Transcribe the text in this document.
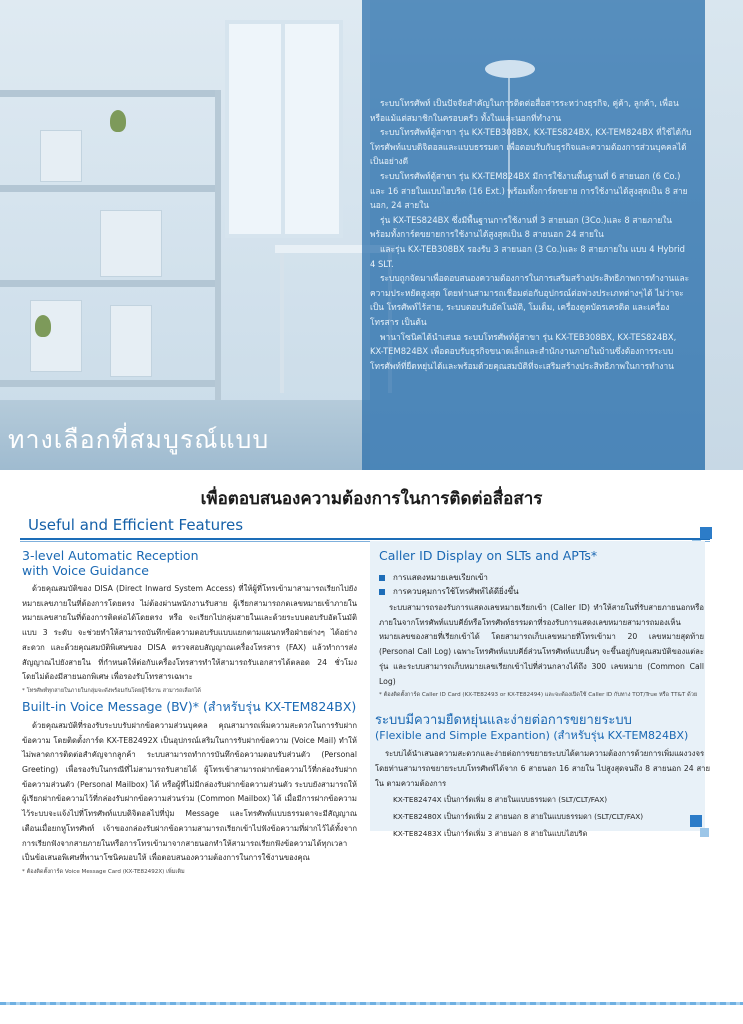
ระบบโทรศัพท์ เป็นปัจจัยสำคัญในการติดต่อสื่อสารระหว่างธุรกิจ, คู่ค้า, ลูกค้า, เพื่อนหรือแม้แต่สมาชิกในครอบครัว ทั้งในและนอกที่ทำงาน

ระบบโทรศัพท์ตู้สาขา รุ่น KX-TEB308BX, KX-TES824BX, KX-TEM824BX ที่ใช้ได้กับโทรศัพท์แบบดิจิตอลและแบบธรรมดา เพื่อตอบรับกับธุรกิจและความต้องการส่วนบุคคลได้เป็นอย่างดี

ระบบโทรศัพท์ตู้สาขา รุ่น KX-TEM824BX มีการใช้งานพื้นฐานที่ 6 สายนอก (6 Co.) และ 16 สายในแบบไฮบริด (16 Ext.) พร้อมทั้งการ์ดขยาย การใช้งานได้สูงสุดเป็น 8 สายนอก, 24 สายใน

รุ่น KX-TES824BX ซึ่งมีพื้นฐานการใช้งานที่ 3 สายนอก (3Co.)และ 8 สายภายใน พร้อมทั้งการ์ดขยายการใช้งานได้สูงสุดเป็น 8 สายนอก 24 สายใน

และรุ่น KX-TEB308BX รองรับ 3 สายนอก (3 Co.)และ 8 สายภายใน แบบ 4 Hybrid 4 SLT.

ระบบถูกจัดมาเพื่อตอบสนองความต้องการในการเสริมสร้างประสิทธิภาพการทำงานและความประหยัดสูงสุด โดยท่านสามารถเชื่อมต่อกับอุปกรณ์ต่อพ่วงประเภทต่างๆได้ ไม่ว่าจะเป็น โทรศัพท์ไร้สาย, ระบบตอบรับอัตโนมัติ, โมเด็ม, เครื่องดูดบัตรเครดิต และเครื่องโทรสาร เป็นต้น

พานาโซนิคได้นำเสนอ ระบบโทรศัพท์ตู้สาขา รุ่น KX-TEB308BX, KX-TES824BX, KX-TEM824BX เพื่อตอบรับธุรกิจขนาดเล็กและสำนักงานภายในบ้านซึ่งต้องการระบบโทรศัพท์ที่ยืดหยุ่นได้และพร้อมด้วยคุณสมบัติที่จะเสริมสร้างประสิทธิภาพในการทำงาน

ทางเลือกที่สมบูรณ์แบบ
เพื่อตอบสนองความต้องการในการติดต่อสื่อสาร
Useful and Efficient Features

3-level Automatic Reception

with Voice Guidance

ด้วยคุณสมบัติของ DISA (Direct Inward System Access) ที่ให้ผู้ที่โทรเข้ามาสามารถเรียกไปยังหมายเลขภายในที่ต้องการโดยตรง ไม่ต้องผ่านพนักงานรับสาย ผู้เรียกสามารถกดเลขหมายเข้าภายในหมายเลขสายในที่ต้องการติดต่อได้โดยตรง หรือ จะเรียกไปกลุ่มสายในและด้วยระบบตอบรับอัตโนมัติแบบ 3 ระดับ จะช่วยทำให้สามารถบันทึกข้อความตอบรับแบบแยกตามแผนกหรือฝ่ายต่างๆ ได้อย่างสะดวก และด้วยคุณสมบัติพิเศษของ DISA ตรวจสอบสัญญาณเครื่องโทรสาร (FAX) แล้วทำการส่งสัญญาณไปยังสายใน ที่กำหนดให้ต่อกับเครื่องโทรสารทำให้สามารถรับเอกสารได้ตลอด 24 ชั่วโมง โดยไม่ต้องมีสายนอกพิเศษ เพื่อรองรับโทรสารเฉพาะ

* โทรศัพท์ทุกสายในภายในกลุ่มจะดังพร้อมกันโดยผู้ใช้งาน สามารถเลือกได้

Built-in Voice Message (BV)* (สำหรับรุ่น KX-TEM824BX)

ด้วยคุณสมบัติที่รองรับระบบรับฝากข้อความส่วนบุคคล คุณสามารถเพิ่มความสะดวกในการรับฝากข้อความ โดยติดตั้งการ์ด KX-TE82492X เป็นอุปกรณ์เสริมในการรับฝากข้อความ (Voice Mail) ทำให้ไม่พลาดการติดต่อสำคัญจากลูกค้า ระบบสามารถทำการบันทึกข้อความตอบรับส่วนตัว (Personal Greeting) เพื่อรองรับในกรณีที่ไม่สามารถรับสายได้ ผู้โทรเข้าสามารถฝากข้อความไว้ที่กล่องรับฝากข้อความส่วนตัว (Personal Mailbox) ได้ หรือผู้ที่ไม่มีกล่องรับฝากข้อความส่วนตัว ระบบยังสามารถให้ผู้เรียกฝากข้อความไว้ที่กล่องรับฝากข้อความส่วนร่วม (Common Mailbox) ได้ เมื่อมีการฝากข้อความไว้ระบบจะแจ้งไปที่โทรศัพท์แบบดิจิตอลไปที่ปุ่ม Message และโทรศัพท์แบบธรรมดาจะมีสัญญาณเตือนเมื่อยกหูโทรศัพท์ เจ้าของกล่องรับฝากข้อความสามารถเรียกเข้าไปฟังข้อความที่ฝากไว้ได้ทั้งจากการเรียกฟังจากสายภายในหรือการโทรเข้ามาจากสายนอกทำให้สามารถเรียกฟังข้อความได้ทุกเวลา เป็นข้อเสนอพิเศษที่พานาโซนิคมอบให้ เพื่อตอบสนองความต้องการในการใช้งานของคุณ

* ต้องติดตั้งการ์ด Voice Message Card (KX-TE82492X) เพิ่มเติม

Caller ID Display on SLTs and APTs*

การแสดงหมายเลขเรียกเข้า

การควบคุมการใช้โทรศัพท์ได้ดียิ่งขึ้น

ระบบสามารถรองรับการแสดงเลขหมายเรียกเข้า (Caller ID) ทำให้สายในที่รับสายภายนอกหรือภายในจากโทรศัพท์แบบคีย์หรือโทรศัพท์ธรรมดาที่รองรับการแสดงเลขหมายสามารถมองเห็นหมายเลขของสายที่เรียกเข้าได้ โดยสามารถเก็บเลขหมายที่โทรเข้ามา 20 เลขหมายสุดท้าย (Personal Call Log) เฉพาะโทรศัพท์แบบคีย์ส่วนโทรศัพท์แบบอื่นๆ จะขึ้นอยู่กับคุณสมบัติของแต่ละรุ่น และระบบสามารถเก็บหมายเลขเรียกเข้าไปที่ส่วนกลางได้ถึง 300 เลขหมาย (Common Call Log)

* ต้องติดตั้งการ์ด Caller ID Card (KX-TE82493 or KX-TE82494) และจะต้องเปิดใช้ Caller ID กับทาง TOT/True หรือ TT&T ด้วย

ระบบมีความยืดหยุ่นและง่ายต่อการขยายระบบ

(Flexible and Simple Expantion) (สำหรับรุ่น KX-TEM824BX)

ระบบได้นำเสนอความสะดวกและง่ายต่อการขยายระบบได้ตามความต้องการด้วยการเพิ่มแผงวงจร โดยท่านสามารถขยายระบบโทรศัพท์ได้จาก 6 สายนอก 16 สายใน ไปสูงสุดจนถึง 8 สายนอก 24 สายใน ตามความต้องการ

KX-TE82474X เป็นการ์ดเพิ่ม 8 สายในแบบธรรมดา (SLT/CLT/FAX)

KX-TE82480X เป็นการ์ดเพิ่ม 2 สายนอก 8 สายในแบบธรรมดา (SLT/CLT/FAX)

KX-TE82483X เป็นการ์ดเพิ่ม 3 สายนอก 8 สายในแบบไฮบริด
